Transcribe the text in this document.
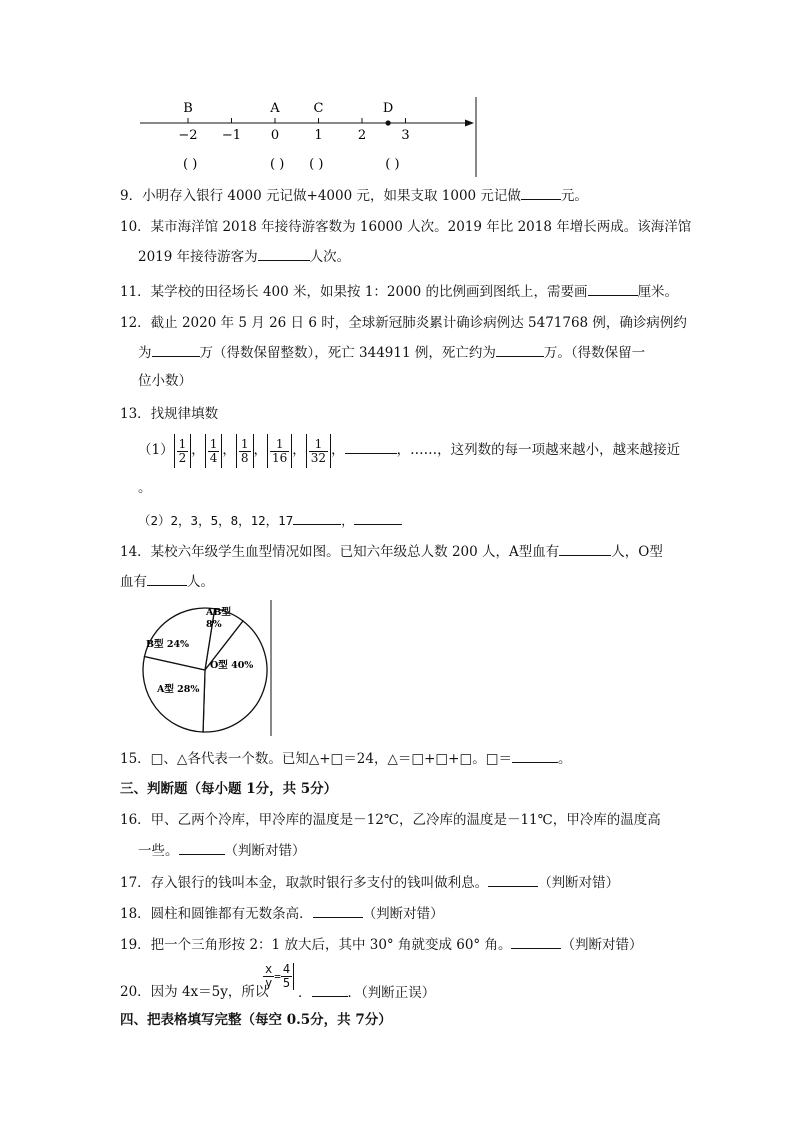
−2 −1 0	1	2	3
B	A	C	D
( )	( ) ( )	( )
9．小明存入银行 4000 元记做+4000 元，如果支取 1000 元记做	元。
10．某市海洋馆 2018 年接待游客数为 16000 人次。2019 年比 2018 年增长两成。该海洋馆
2019 年接待游客为	人次。
11．某学校的田径场长 400 米，如果按 1：2000 的比例画到图纸上，需要画	厘米。
12．截止 2020 年 5 月 26 日 6 时，全球新冠肺炎累计确诊病例达 5471768 例，确诊病例约
为	万（得数保留整数），死亡 344911 例，死亡约为	万。（得数保留一
位小数）
13．找规律填数
$(1) \frac{1}{2}$ ， $\frac{1}{4}$ ， $\frac{1}{8}$ ， $\frac{1}{16}$ ， $\frac{1}{32}$ ，	，……，这列数的每一项越来越小，越来越接近
。
（2）2，3，5，8，12，17	，
14．某校六年级学生血型情况如图。已知六年级总人数 200 人，A型血有	人，O型
血有	人。
AB型
8%
O型 40%
A型 28%
B型 24%
15．□、△各代表一个数。已知△+□＝24，△＝□+□+□。□＝	。
三、判断题（每小题 1分，共 5分）
16．甲、乙两个冷库，甲冷库的温度是－12℃，乙冷库的温度是－11℃，甲冷库的温度高
一些。	（判断对错）
17．存入银行的钱叫本金，取款时银行多支付的钱叫做利息。	（判断对错）
18．圆柱和圆锥都有无数条高．	（判断对错）
19．把一个三角形按 2：1 放大后，其中 30° 角就变成 60° 角。	（判断对错）
20．因为 4x＝5y，所以
$\frac{x}{y} = \frac{4}{5}$
．	．（判断正误）
四、把表格填写完整（每空 0.5分，共 7分）
